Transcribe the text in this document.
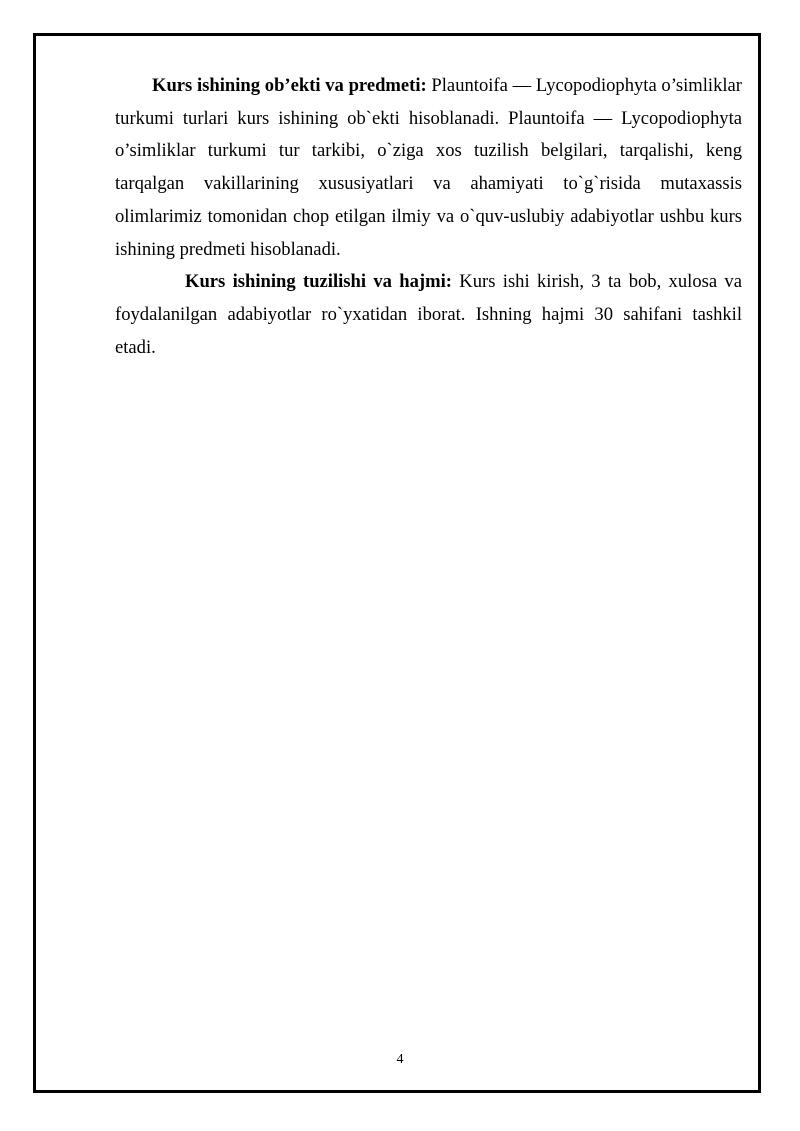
Kurs ishining ob’ekti va predmeti: Plauntoifa — Lycopodiophyta o’simliklar turkumi turlari kurs ishining ob`ekti hisoblanadi. Plauntoifa — Lycopodiophyta o’simliklar turkumi tur tarkibi, o`ziga xos tuzilish belgilari, tarqalishi, keng tarqalgan vakillarining xususiyatlari va ahamiyati to`g`risida mutaxassis olimlarimiz tomonidan chop etilgan ilmiy va o`quv-uslubiy adabiyotlar ushbu kurs ishining predmeti hisoblanadi.

Kurs ishining tuzilishi va hajmi: Kurs ishi kirish, 3 ta bob, xulosa va foydalanilgan adabiyotlar ro`yxatidan iborat. Ishning hajmi 30 sahifani tashkil etadi.

4
